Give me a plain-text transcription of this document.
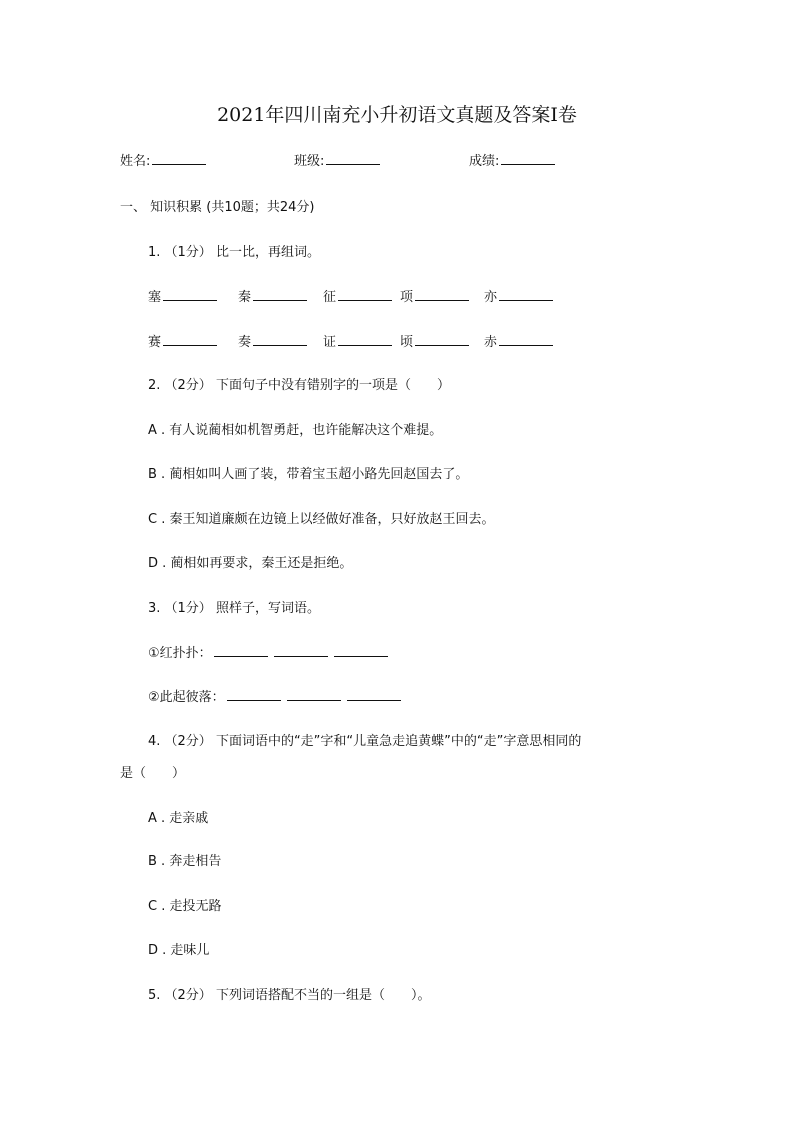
2021年四川南充小升初语文真题及答案Ⅰ卷
姓名:	班级:	成绩:
一、 知识积累 (共10题；共24分)
1. （1分） 比一比，再组词。
塞	秦	征	项	亦
赛	奏	证	顷	赤
2. （2分） 下面句子中没有错别字的一项是（　　）
A . 有人说蔺相如机智勇赶，也许能解决这个难提。
B . 蔺相如叫人画了装，带着宝玉超小路先回赵国去了。
C . 秦王知道廉颇在边镜上以经做好准备，只好放赵王回去。
D . 蔺相如再要求，秦王还是拒绝。
3. （1分） 照样子，写词语。
①红扑扑：
②此起彼落：
4. （2分） 下面词语中的“走”字和“儿童急走追黄蝶”中的“走”字意思相同的
是（　　）
A . 走亲戚
B . 奔走相告
C . 走投无路
D . 走味儿
5. （2分） 下列词语搭配不当的一组是（　　）。
